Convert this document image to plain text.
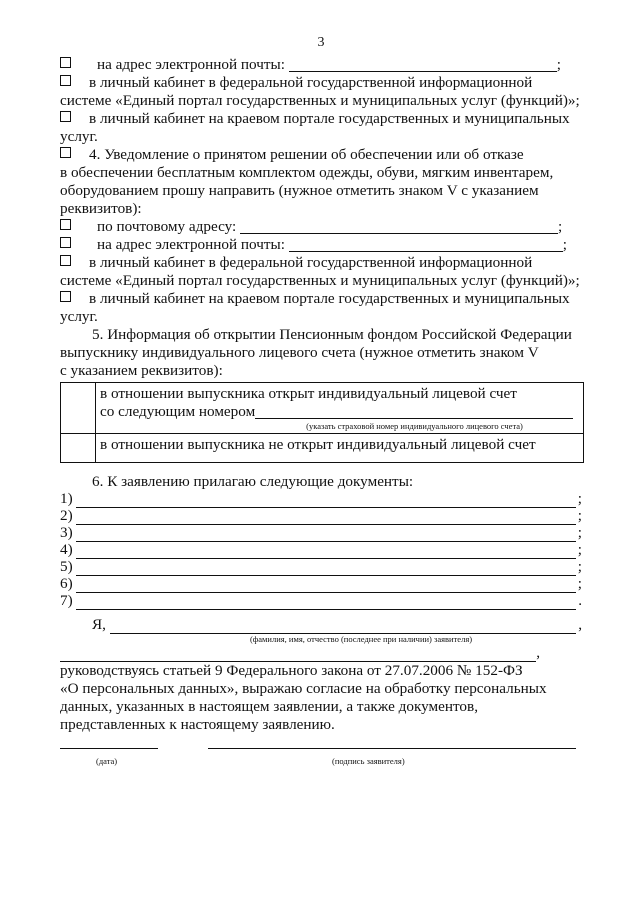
3
на адрес электронной почты:	;
в личный кабинет в федеральной государственной информационной
системе «Единый портал государственных и муниципальных услуг (функций)»;
в личный кабинет на краевом портале государственных и муниципальных
услуг.
4. Уведомление о принятом решении об обеспечении или об отказе
в обеспечении бесплатным комплектом одежды, обуви, мягким инвентарем,
оборудованием прошу направить (нужное отметить знаком V с указанием
реквизитов):
по почтовому адресу:	;
на адрес электронной почты:	;
в личный кабинет в федеральной государственной информационной
системе «Единый портал государственных и муниципальных услуг (функций)»;
в личный кабинет на краевом портале государственных и муниципальных
услуг.
5. Информация об открытии Пенсионным фондом Российской Федерации
выпускнику индивидуального лицевого счета (нужное отметить знаком V
с указанием реквизитов):

	в отношении выпускника открыт индивидуальный лицевой счет
со следующим номером
(указать страховой номер индивидуального лицевого счета)

	в отношении выпускника не открыт индивидуальный лицевой счет
6. К заявлению прилагаю следующие документы:
1)	;
2)	;
3)	;
4)	;
5)	;
6)	;
7)	.
Я,	,
(фамилия, имя, отчество (последнее при наличии) заявителя)
,
руководствуясь статьей 9 Федерального закона от 27.07.2006 № 152-ФЗ
«О персональных данных», выражаю согласие на обработку персональных
данных, указанных в настоящем заявлении, а также документов,
представленных к настоящему заявлению.
(дата)	(подпись заявителя)
